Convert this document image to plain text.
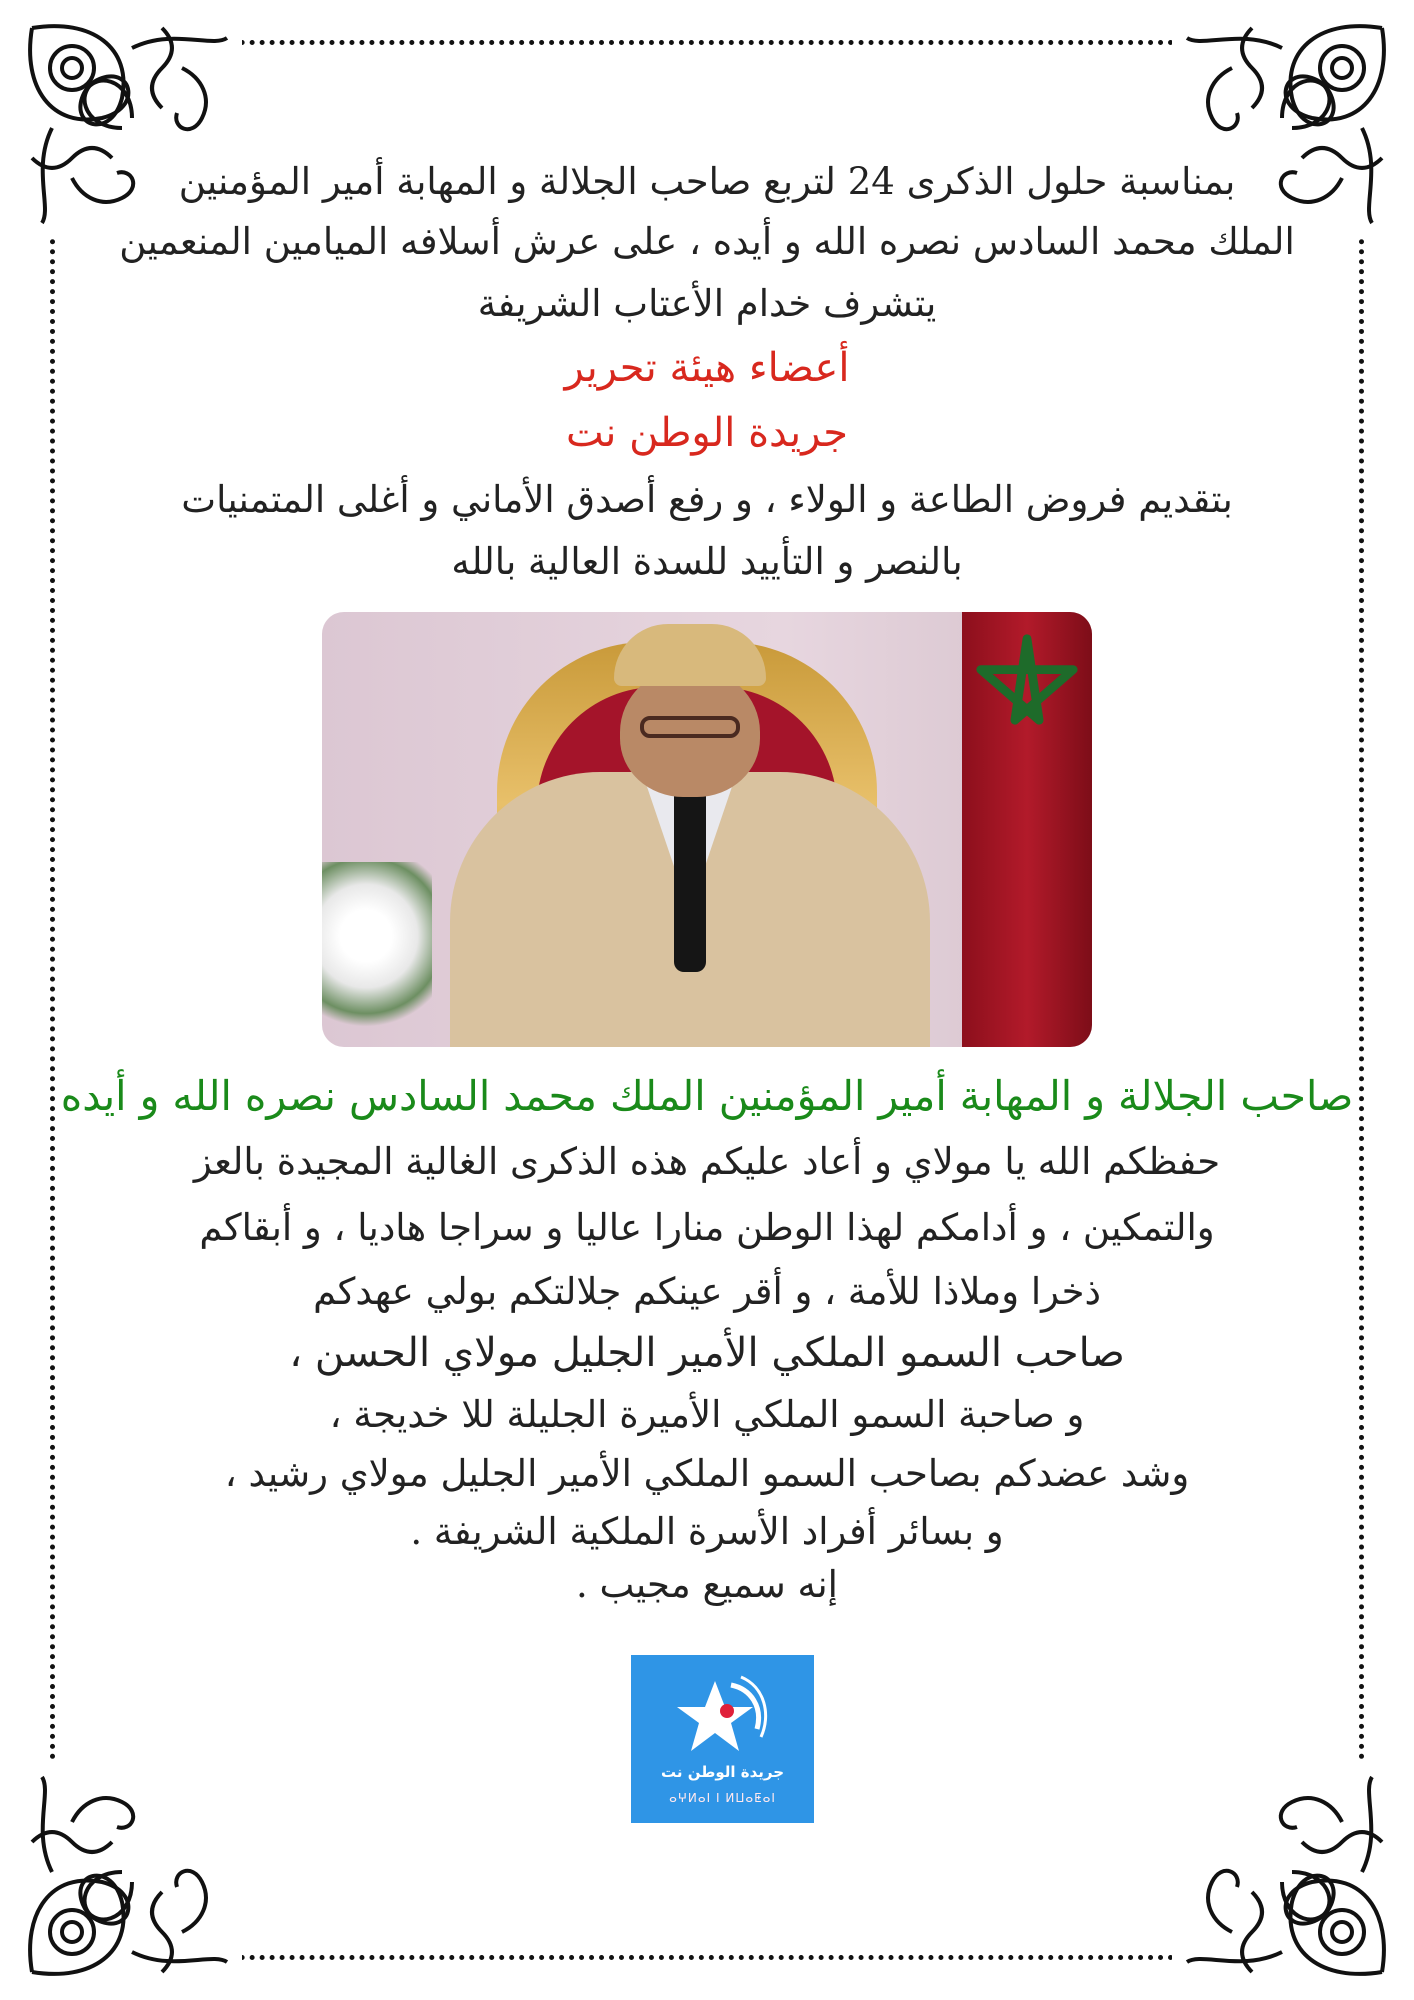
بمناسبة حلول الذكرى 24 لتربع صاحب الجلالة و المهابة أمير المؤمنين
الملك محمد السادس نصره الله و أيده ، على عرش أسلافه الميامين المنعمين
يتشرف خدام الأعتاب الشريفة
أعضاء هيئة تحرير
جريدة الوطن نت
بتقديم فروض الطاعة و الولاء ، و رفع أصدق الأماني و أغلى المتمنيات
بالنصر و التأييد للسدة العالية بالله
صاحب الجلالة و المهابة أمير المؤمنين الملك محمد السادس نصره الله و أيده
حفظكم الله يا مولاي و أعاد عليكم هذه الذكرى الغالية المجيدة بالعز
والتمكين ، و أدامكم لهذا الوطن منارا عاليا و سراجا هاديا ، و أبقاكم
ذخرا وملاذا للأمة ، و أقر عينكم جلالتكم بولي عهدكم
صاحب السمو الملكي الأمير الجليل مولاي الحسن ،
و صاحبة السمو الملكي الأميرة الجليلة للا خديجة ،
وشد عضدكم بصاحب السمو الملكي الأمير الجليل مولاي رشيد ،
و بسائر أفراد الأسرة الملكية الشريفة .
إنه سميع مجيب .
جريدة الوطن نت
ⴰⵖⵍⴰⵏ ⵏ ⵍⵡⴰⵟⴰⵏ
